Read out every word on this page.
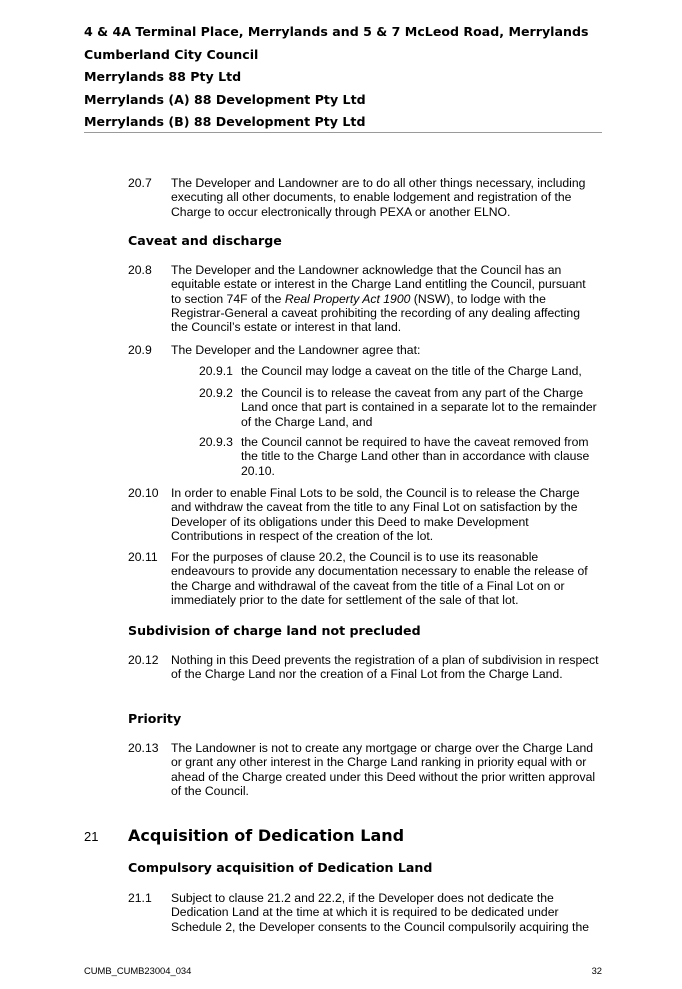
4 & 4A Terminal Place, Merrylands and 5 & 7 McLeod Road, Merrylands
Cumberland City Council
Merrylands 88 Pty Ltd
Merrylands (A) 88 Development Pty Ltd
Merrylands (B) 88 Development Pty Ltd
20.7 The Developer and Landowner are to do all other things necessary, including executing all other documents, to enable lodgement and registration of the Charge to occur electronically through PEXA or another ELNO.
Caveat and discharge
20.8 The Developer and the Landowner acknowledge that the Council has an equitable estate or interest in the Charge Land entitling the Council, pursuant to section 74F of the Real Property Act 1900 (NSW), to lodge with the Registrar-General a caveat prohibiting the recording of any dealing affecting the Council’s estate or interest in that land.
20.9 The Developer and the Landowner agree that:
20.9.1 the Council may lodge a caveat on the title of the Charge Land,
20.9.2 the Council is to release the caveat from any part of the Charge Land once that part is contained in a separate lot to the remainder of the Charge Land, and
20.9.3 the Council cannot be required to have the caveat removed from the title to the Charge Land other than in accordance with clause 20.10.
20.10 In order to enable Final Lots to be sold, the Council is to release the Charge and withdraw the caveat from the title to any Final Lot on satisfaction by the Developer of its obligations under this Deed to make Development Contributions in respect of the creation of the lot.
20.11 For the purposes of clause 20.2, the Council is to use its reasonable endeavours to provide any documentation necessary to enable the release of the Charge and withdrawal of the caveat from the title of a Final Lot on or immediately prior to the date for settlement of the sale of that lot.
Subdivision of charge land not precluded
20.12 Nothing in this Deed prevents the registration of a plan of subdivision in respect of the Charge Land nor the creation of a Final Lot from the Charge Land.
Priority
20.13 The Landowner is not to create any mortgage or charge over the Charge Land or grant any other interest in the Charge Land ranking in priority equal with or ahead of the Charge created under this Deed without the prior written approval of the Council.
21 Acquisition of Dedication Land
Compulsory acquisition of Dedication Land
21.1 Subject to clause 21.2 and 22.2, if the Developer does not dedicate the Dedication Land at the time at which it is required to be dedicated under Schedule 2, the Developer consents to the Council compulsorily acquiring the
CUMB_CUMB23004_034	32
